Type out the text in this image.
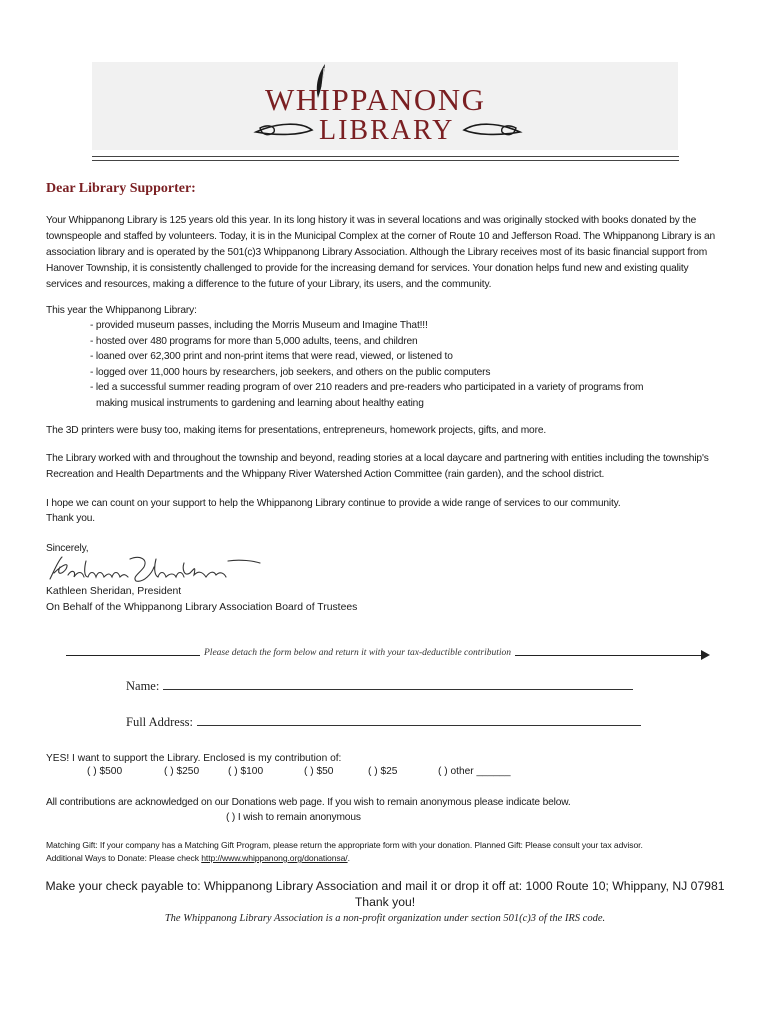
WHIPPANONG
LIBRARY
Dear Library Supporter:
Your Whippanong Library is 125 years old this year. In its long history it was in several locations and was originally stocked with books donated by the townspeople and staffed by volunteers. Today, it is in the Municipal Complex at the corner of Route 10 and Jefferson Road. The Whippanong Library is an association library and is operated by the 501(c)3 Whippanong Library Association. Although the Library receives most of its basic financial support from Hanover Township, it is consistently challenged to provide for the increasing demand for services. Your donation helps fund new and existing quality services and resources, making a difference to the future of your Library, its users, and the community.
This year the Whippanong Library:
- provided museum passes, including the Morris Museum and Imagine That!!!
- hosted over 480 programs for more than 5,000 adults, teens, and children
- loaned over 62,300 print and non-print items that were read, viewed, or listened to
- logged over 11,000 hours by researchers, job seekers, and others on the public computers
- led a successful summer reading program of over 210 readers and pre-readers who participated in a variety of programs from
making musical instruments to gardening and learning about healthy eating
The 3D printers were busy too, making items for presentations, entrepreneurs, homework projects, gifts, and more.
The Library worked with and throughout the township and beyond, reading stories at a local daycare and partnering with entities including the township's Recreation and Health Departments and the Whippany River Watershed Action Committee (rain garden), and the school district.
I hope we can count on your support to help the Whippanong Library continue to provide a wide range of services to our community.
Thank you.
Sincerely,
Kathleen Sheridan, President
On Behalf of the Whippanong Library Association Board of Trustees
Please detach the form below and return it with your tax-deductible contribution
Name:
Full Address:
YES! I want to support the Library. Enclosed is my contribution of:
( ) $500	( ) $250	( ) $100	( ) $50	( ) $25	( ) other ______
All contributions are acknowledged on our Donations web page. If you wish to remain anonymous please indicate below.
( ) I wish to remain anonymous
Matching Gift: If your company has a Matching Gift Program, please return the appropriate form with your donation. Planned Gift: Please consult your tax advisor.
Additional Ways to Donate: Please check http://www.whippanong.org/donationsa/.
Make your check payable to: Whippanong Library Association and mail it or drop it off at: 1000 Route 10; Whippany, NJ 07981
Thank you!
The Whippanong Library Association is a non-profit organization under section 501(c)3 of the IRS code.
